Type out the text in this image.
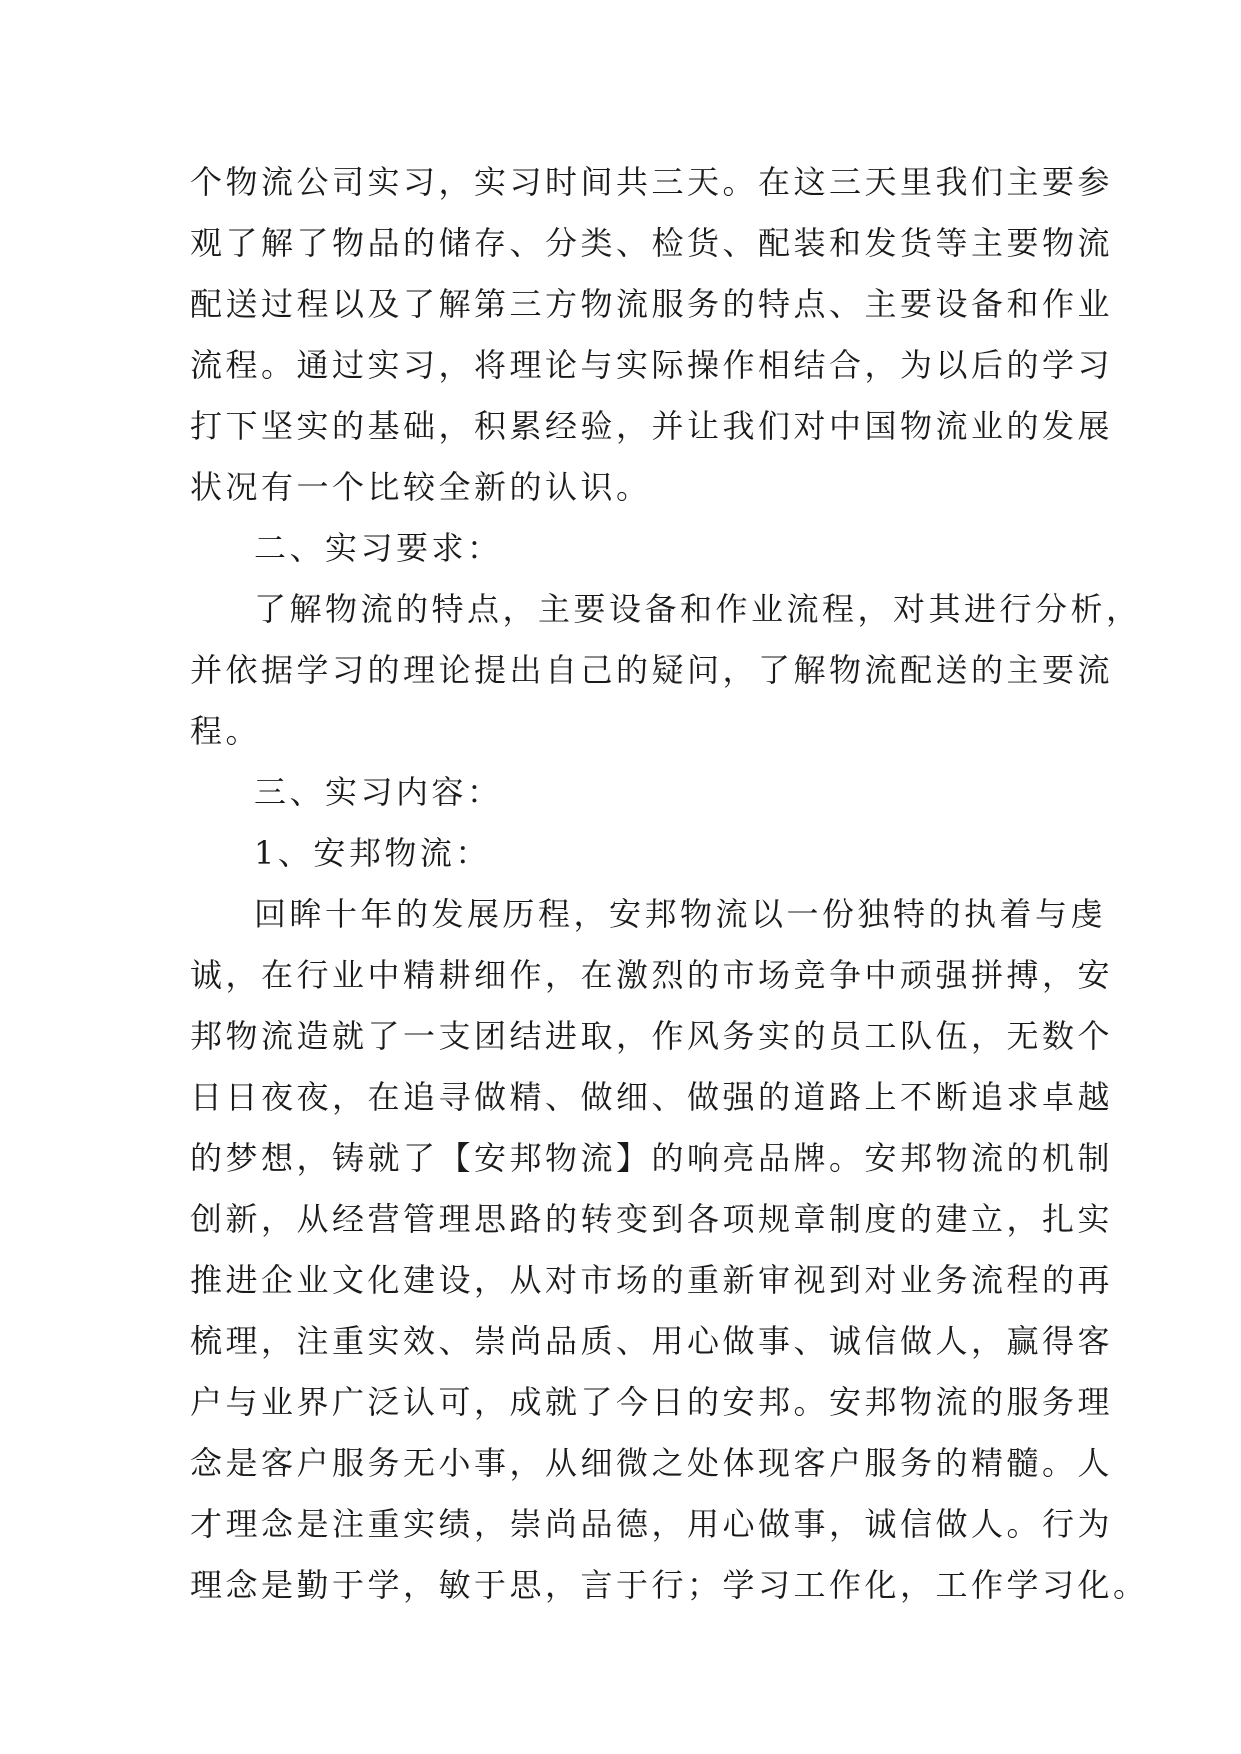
个物流公司实习，实习时间共三天。在这三天里我们主要参
观了解了物品的储存、分类、检货、配装和发货等主要物流
配送过程以及了解第三方物流服务的特点、主要设备和作业
流程。通过实习，将理论与实际操作相结合，为以后的学习
打下坚实的基础，积累经验，并让我们对中国物流业的发展
状况有一个比较全新的认识。
二、实习要求：
了解物流的特点，主要设备和作业流程，对其进行分析，
并依据学习的理论提出自己的疑问，了解物流配送的主要流
程。
三、实习内容：
1、安邦物流：
回眸十年的发展历程，安邦物流以一份独特的执着与虔
诚，在行业中精耕细作，在激烈的市场竞争中顽强拼搏，安
邦物流造就了一支团结进取，作风务实的员工队伍，无数个
日日夜夜，在追寻做精、做细、做强的道路上不断追求卓越
的梦想，铸就了【安邦物流】的响亮品牌。安邦物流的机制
创新，从经营管理思路的转变到各项规章制度的建立，扎实
推进企业文化建设，从对市场的重新审视到对业务流程的再
梳理，注重实效、崇尚品质、用心做事、诚信做人，赢得客
户与业界广泛认可，成就了今日的安邦。安邦物流的服务理
念是客户服务无小事，从细微之处体现客户服务的精髓。人
才理念是注重实绩，崇尚品德，用心做事，诚信做人。行为
理念是勤于学，敏于思，言于行；学习工作化，工作学习化。
